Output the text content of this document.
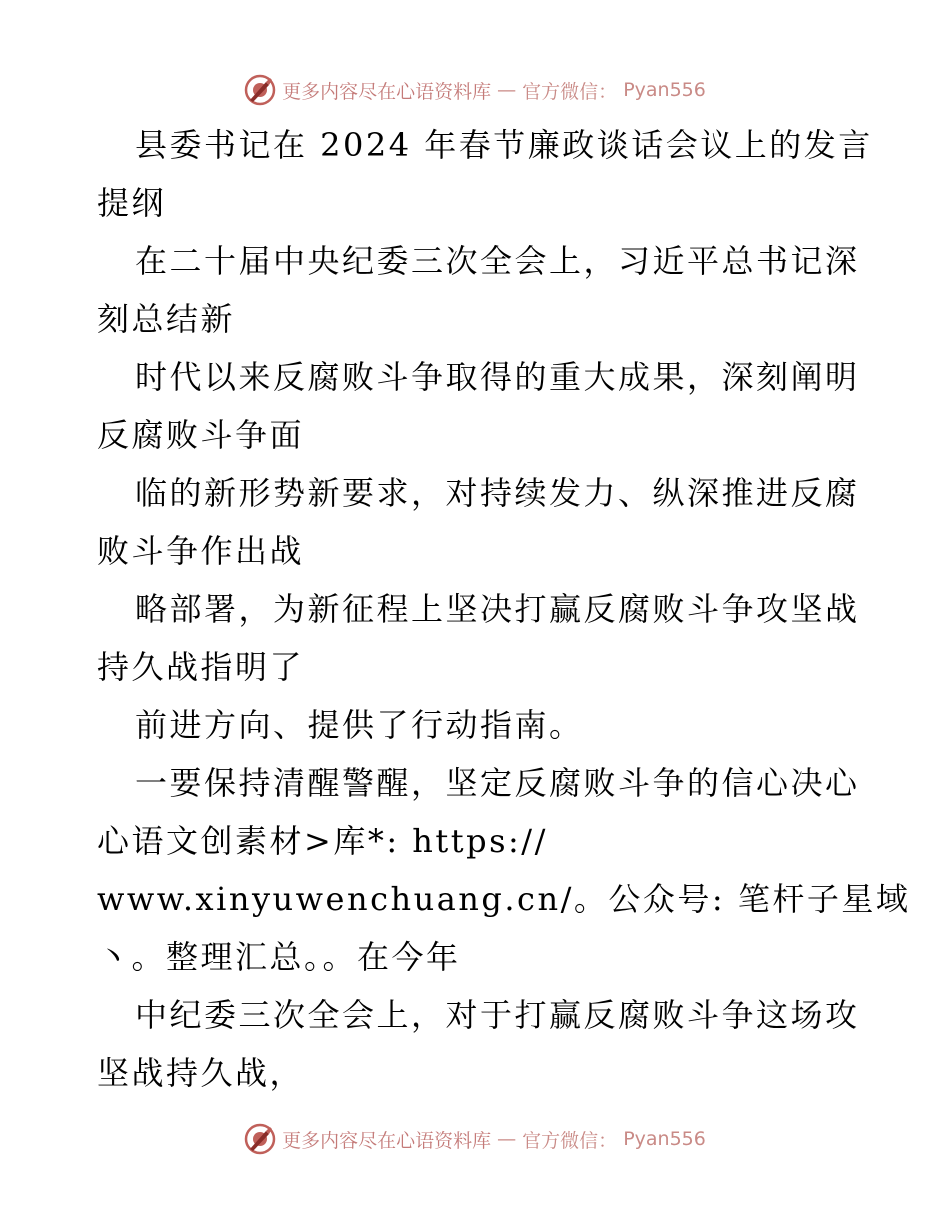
更多内容尽在心语资料库 — 官方微信： Pyan556
县委书记在 2024 年春节廉政谈话会议上的发言
提纲
在二十届中央纪委三次全会上，习近平总书记深
刻总结新
时代以来反腐败斗争取得的重大成果，深刻阐明
反腐败斗争面
临的新形势新要求，对持续发力、纵深推进反腐
败斗争作出战
略部署，为新征程上坚决打赢反腐败斗争攻坚战
持久战指明了
前进方向、提供了行动指南。
一要保持清醒警醒，坚定反腐败斗争的信心决心
心语文创素材>库*: https://
www.xinyuwenchuang.cn/。公众号: 笔杆子星域
丶。整理汇总。。在今年
中纪委三次全会上，对于打赢反腐败斗争这场攻
坚战持久战，
更多内容尽在心语资料库 — 官方微信： Pyan556
